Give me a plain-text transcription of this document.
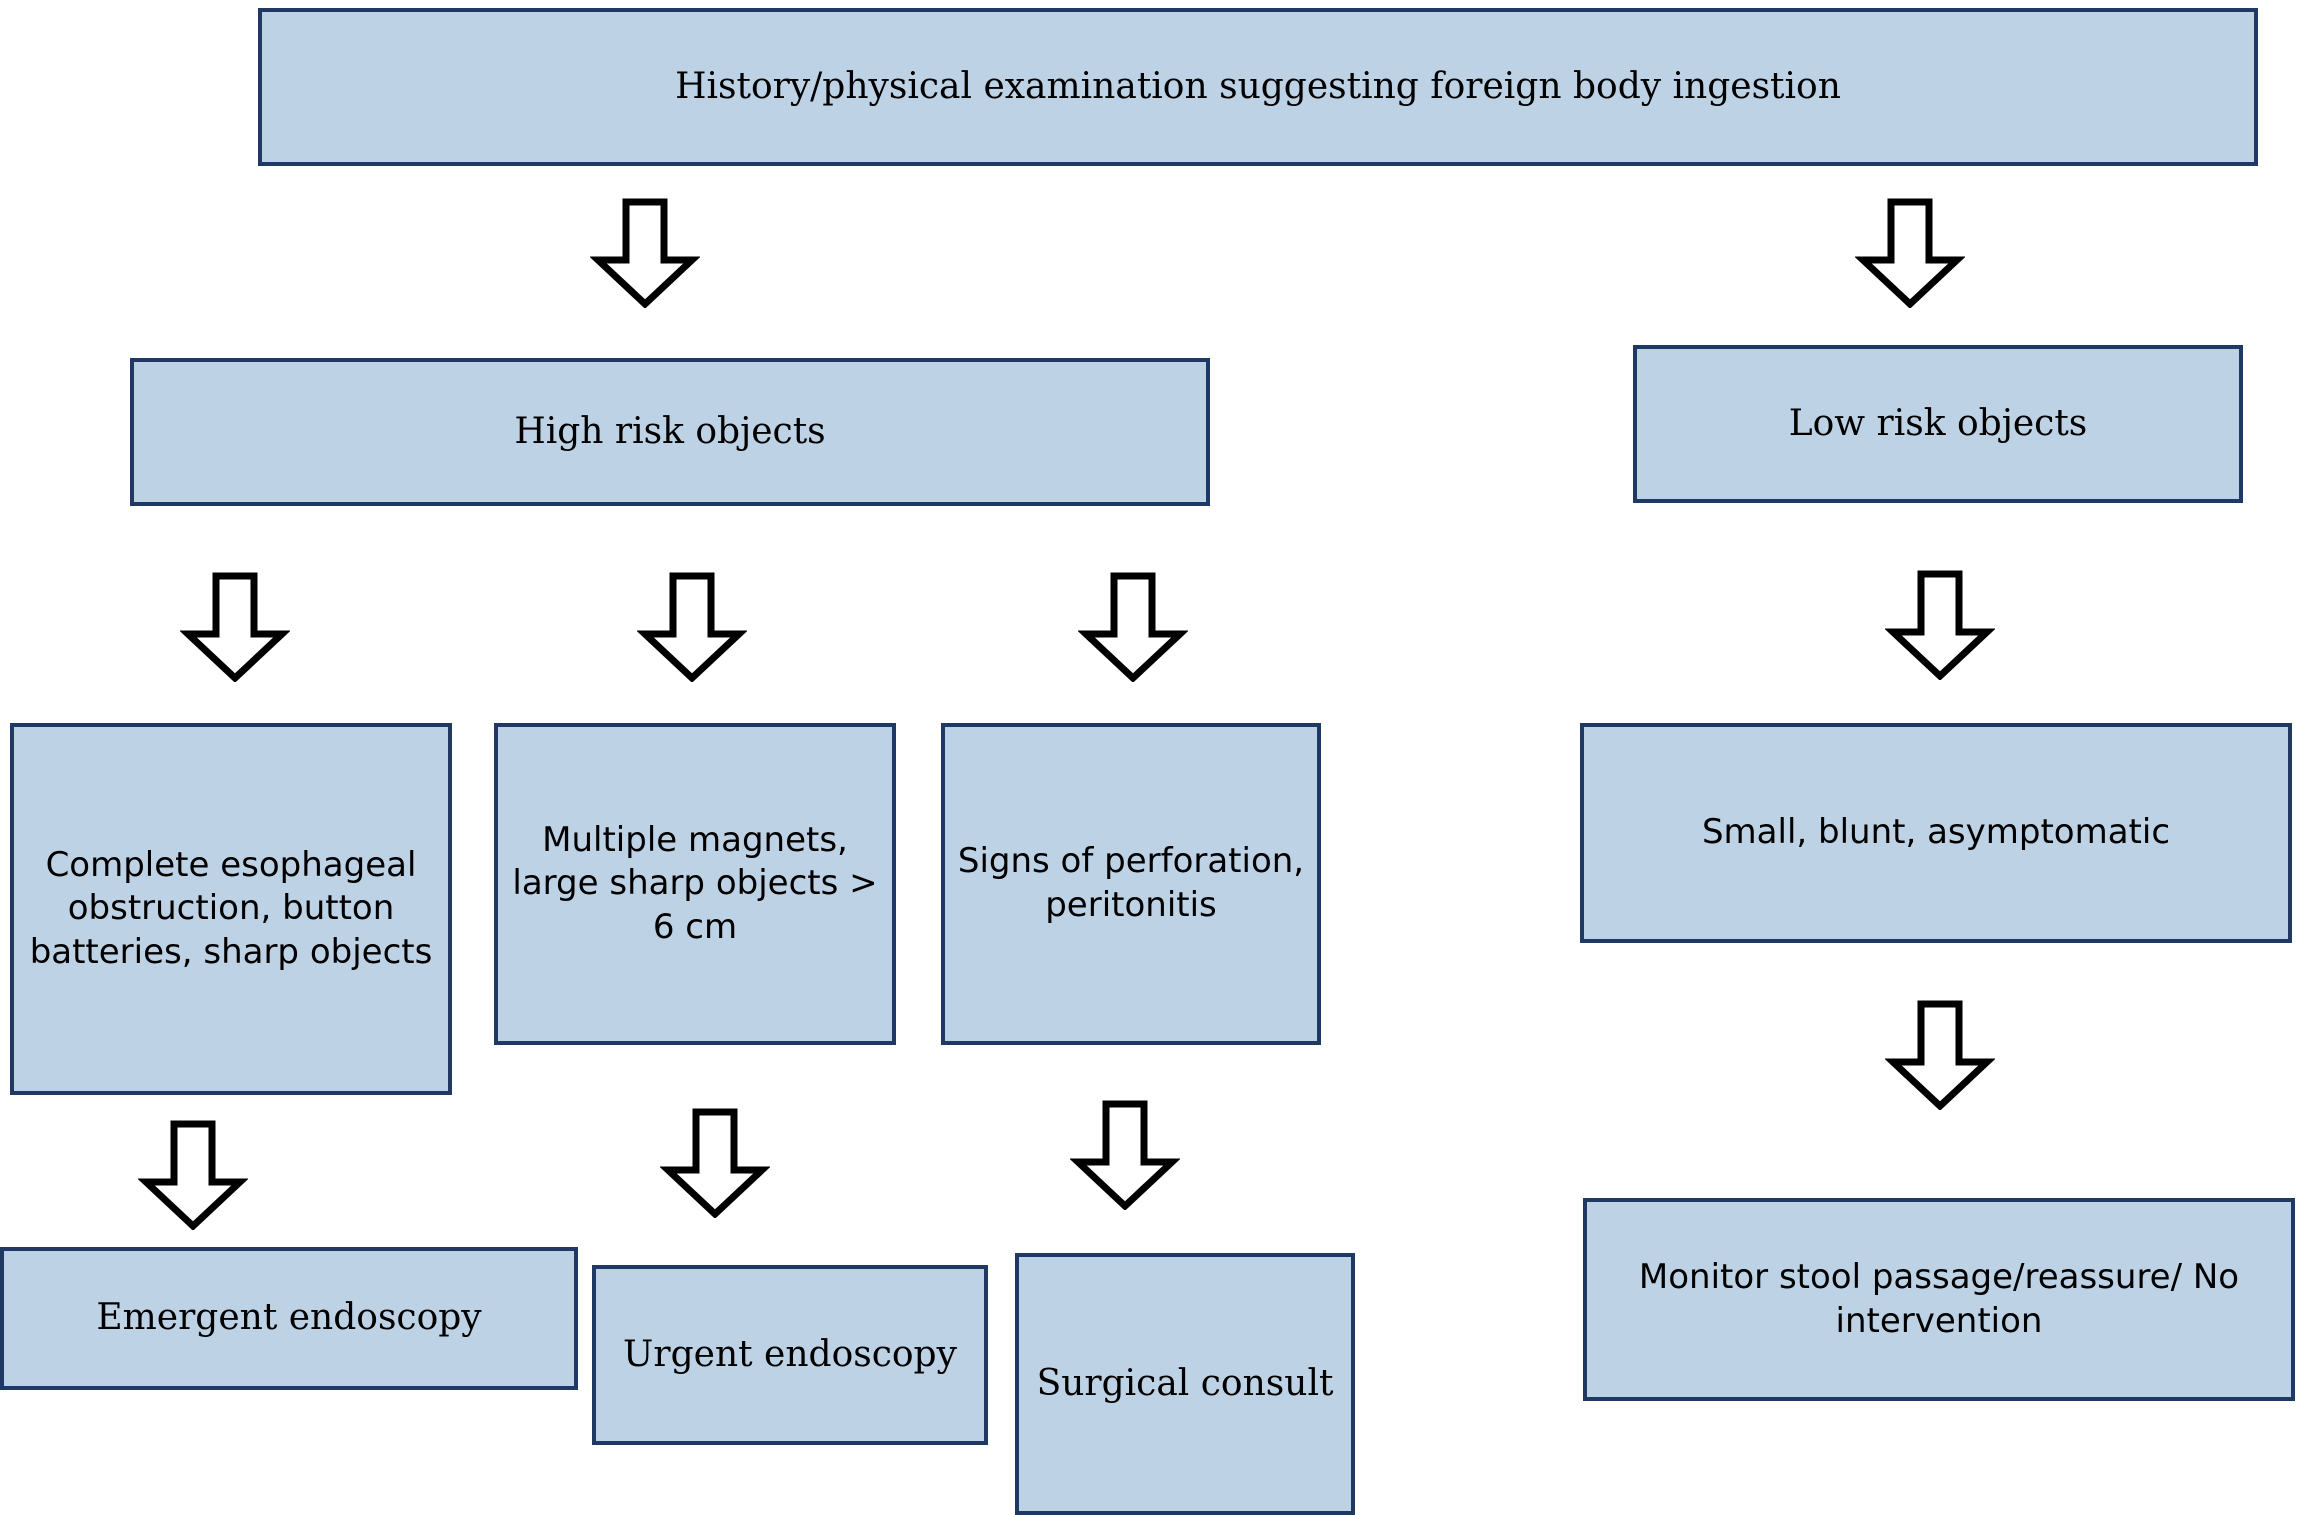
History/physical examination suggesting foreign body ingestion
High risk objects	Low risk objects
Complete esophageal obstruction, button batteries, sharp objects
Multiple magnets, large sharp objects > 6 cm
Signs of perforation, peritonitis
Small, blunt, asymptomatic
Emergent endoscopy
Urgent endoscopy
Surgical consult
Monitor stool passage/reassure/ No intervention
